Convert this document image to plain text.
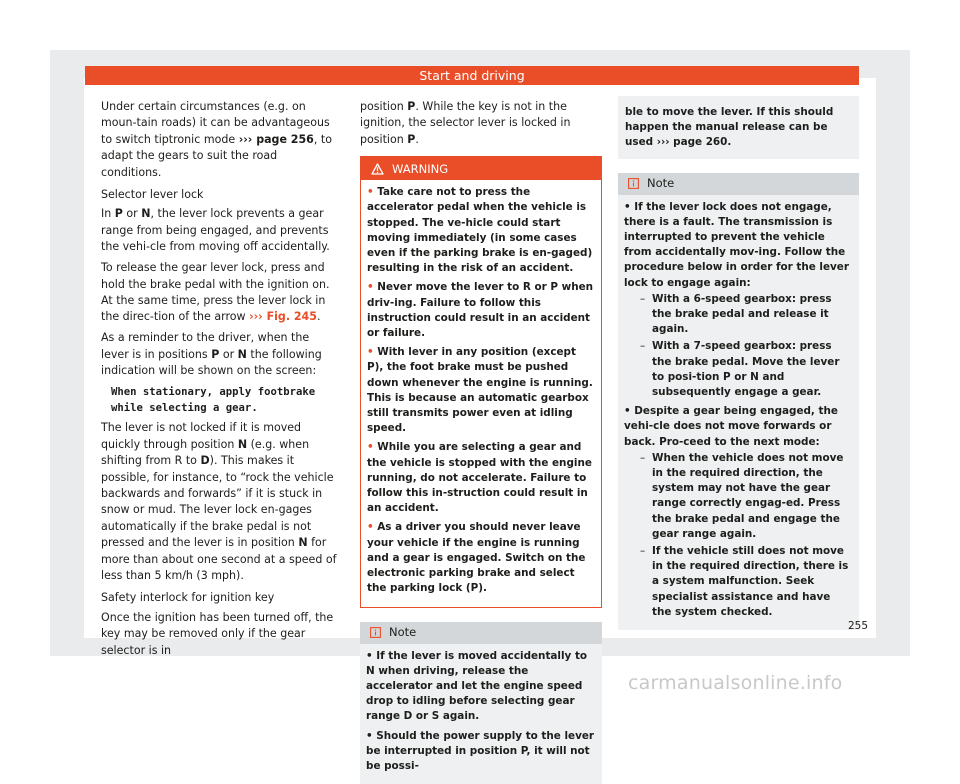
Start and driving

Under certain circumstances (e.g. on moun-tain roads) it can be advantageous to switch tiptronic mode ››› page 256, to adapt the gears to suit the road conditions.

Selector lever lock

In P or N, the lever lock prevents a gear range from being engaged, and prevents the vehi-cle from moving off accidentally.

To release the gear lever lock, press and hold the brake pedal with the ignition on. At the same time, press the lever lock in the direc-tion of the arrow ››› Fig. 245.

As a reminder to the driver, when the lever is in positions P or N the following indication will be shown on the screen:

When stationary, apply footbrake
while selecting a gear.

The lever is not locked if it is moved quickly through position N (e.g. when shifting from R to D). This makes it possible, for instance, to “rock the vehicle backwards and forwards” if it is stuck in snow or mud. The lever lock en-gages automatically if the brake pedal is not pressed and the lever is in position N for more than about one second at a speed of less than 5 km/h (3 mph).

Safety interlock for ignition key

Once the ignition has been turned off, the key may be removed only if the gear selector is in

position P. While the key is not in the ignition, the selector lever is locked in position P.

WARNING
• Take care not to press the accelerator pedal when the vehicle is stopped. The ve-hicle could start moving immediately (in some cases even if the parking brake is en-gaged) resulting in the risk of an accident.
• Never move the lever to R or P when driv-ing. Failure to follow this instruction could result in an accident or failure.
• With lever in any position (except P), the foot brake must be pushed down whenever the engine is running. This is because an automatic gearbox still transmits power even at idling speed.
• While you are selecting a gear and the vehicle is stopped with the engine running, do not accelerate. Failure to follow this in-struction could result in an accident.
• As a driver you should never leave your vehicle if the engine is running and a gear is engaged. Switch on the electronic parking brake and select the parking lock (P).
Note
• If the lever is moved accidentally to N when driving, release the accelerator and let the engine speed drop to idling before selecting gear range D or S again.
• Should the power supply to the lever be interrupted in position P, it will not be possi-
ble to move the lever. If this should happen the manual release can be used ››› page 260.
Note
• If the lever lock does not engage, there is a fault. The transmission is interrupted to prevent the vehicle from accidentally mov-ing. Follow the procedure below in order for the lever lock to engage again:
– With a 6-speed gearbox: press the brake pedal and release it again.
– With a 7-speed gearbox: press the brake pedal. Move the lever to posi-tion P or N and subsequently engage a gear.
• Despite a gear being engaged, the vehi-cle does not move forwards or back. Pro-ceed to the next mode:
– When the vehicle does not move in the required direction, the system may not have the gear range correctly engag-ed. Press the brake pedal and engage the gear range again.
– If the vehicle still does not move in the required direction, there is a system malfunction. Seek specialist assistance and have the system checked.
255
carmanualsonline.info
